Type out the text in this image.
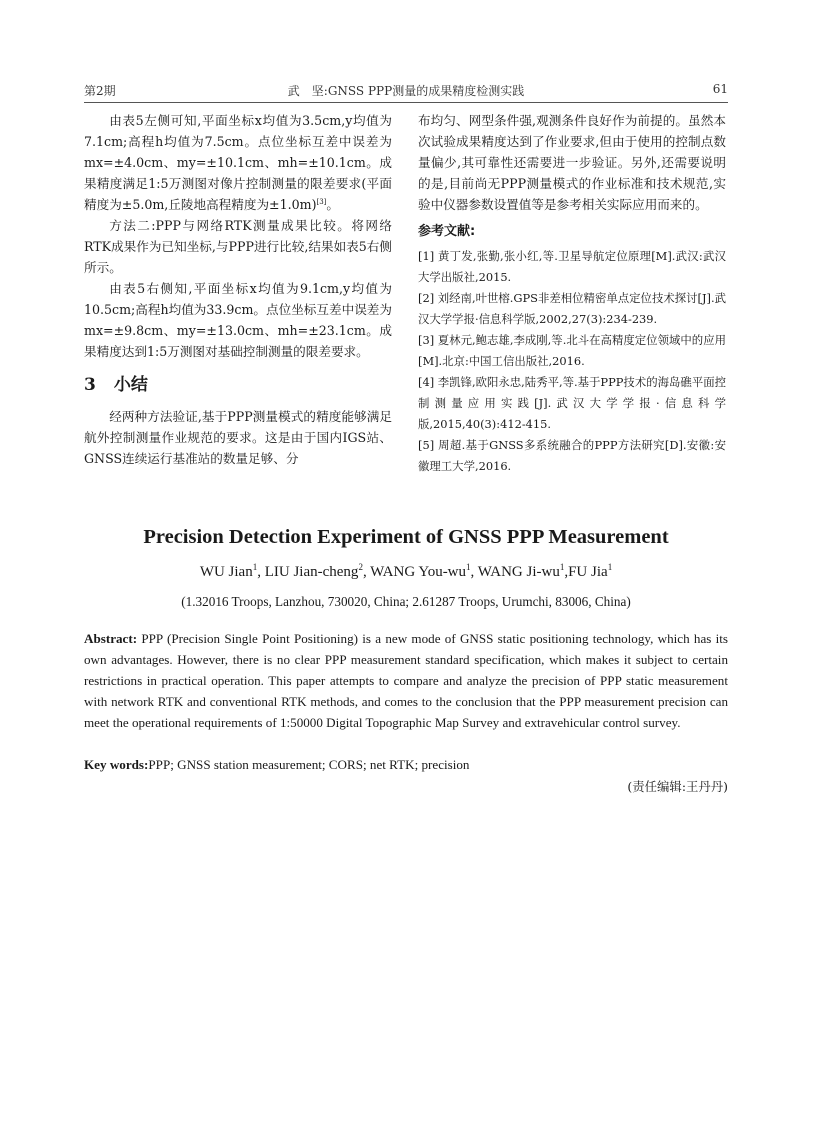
第2期	武　坚:GNSS PPP测量的成果精度检测实践	61

由表5左侧可知,平面坐标x均值为3.5cm,y均值为7.1cm;高程h均值为7.5cm。点位坐标互差中误差为mx=±4.0cm、my=±10.1cm、mh=±10.1cm。成果精度满足1:5万测图对像片控制测量的限差要求(平面精度为±5.0m,丘陵地高程精度为±1.0m)[3]。

方法二:PPP与网络RTK测量成果比较。将网络RTK成果作为已知坐标,与PPP进行比较,结果如表5右侧所示。

由表5右侧知,平面坐标x均值为9.1cm,y均值为10.5cm;高程h均值为33.9cm。点位坐标互差中误差为mx=±9.8cm、my=±13.0cm、mh=±23.1cm。成果精度达到1:5万测图对基础控制测量的限差要求。

3 小结

经两种方法验证,基于PPP测量模式的精度能够满足航外控制测量作业规范的要求。这是由于国内IGS站、GNSS连续运行基准站的数量足够、分

布均匀、网型条件强,观测条件良好作为前提的。虽然本次试验成果精度达到了作业要求,但由于使用的控制点数量偏少,其可靠性还需要进一步验证。另外,还需要说明的是,目前尚无PPP测量模式的作业标准和技术规范,实验中仪器参数设置值等是参考相关实际应用而来的。

参考文献:
[1] 黄丁发,张勤,张小红,等.卫星导航定位原理[M].武汉:武汉大学出版社,2015.
[2] 刘经南,叶世榕.GPS非差相位精密单点定位技术探讨[J].武汉大学学报·信息科学版,2002,27(3):234-239.
[3] 夏林元,鲍志雄,李成刚,等.北斗在高精度定位领域中的应用[M].北京:中国工信出版社,2016.
[4] 李凯锋,欧阳永忠,陆秀平,等.基于PPP技术的海岛礁平面控制测量应用实践[J].武汉大学学报·信息科学版,2015,40(3):412-415.
[5] 周超.基于GNSS多系统融合的PPP方法研究[D].安徽:安徽理工大学,2016.
Precision Detection Experiment of GNSS PPP Measurement
WU Jian$^1$, LIU Jian-cheng$^2$, WANG You-$wu^1$, WANG $Ji-wu^1,FU$ Jia$^1$
(1.32016 Troops, Lanzhou, 730020, China; 2.61287 Troops, Urumchi, 83006, China)
Abstract: PPP (Precision Single Point Positioning) is a new mode of GNSS static positioning technology, which has its own advantages. However, there is no clear PPP measurement standard specification, which makes it subject to certain restrictions in practical operation. This paper attempts to compare and analyze the precision of PPP static measurement with network RTK and conventional RTK methods, and comes to the conclusion that the PPP measurement precision can meet the operational requirements of 1:50000 Digital Topographic Map Survey and extravehicular control survey.
Key words:PPP; GNSS station measurement; CORS; net RTK; precision
(责任编辑:王丹丹)
